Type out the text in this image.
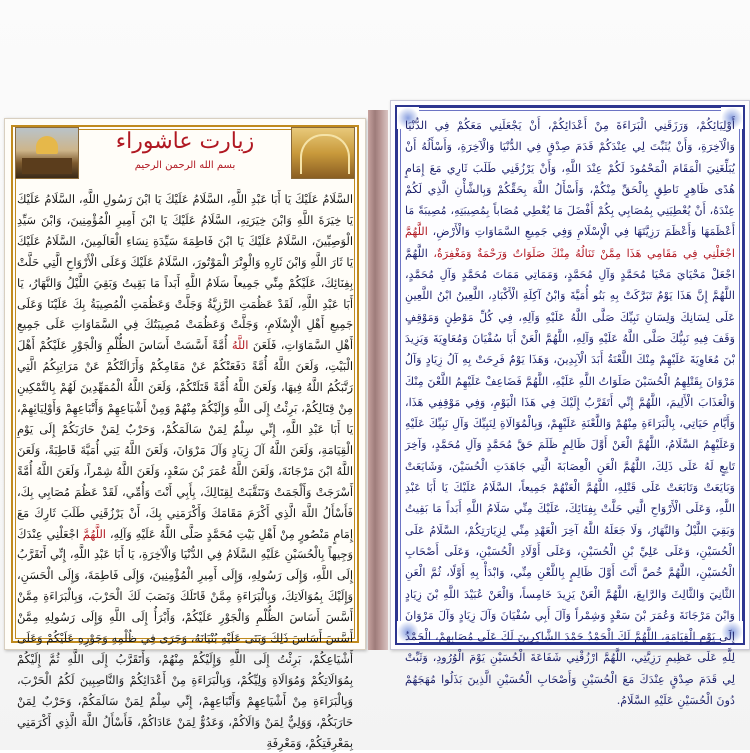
زیارت عاشوراء
بسم الله الرحمن الرحیم
السَّلَامُ عَلَيْكَ يَا أَبَا عَبْدِ اللَّهِ، السَّلَامُ عَلَيْكَ يَا ابْنَ رَسُولِ اللَّهِ، السَّلَامُ عَلَيْكَ يَا خِيَرَةَ اللَّهِ وَابْنَ خِيَرَتِهِ، السَّلَامُ عَلَيْكَ يَا ابْنَ أَمِيرِ الْمُؤْمِنِينَ، وَابْنَ سَيِّدِ الْوَصِيِّينَ، السَّلَامُ عَلَيْكَ يَا ابْنَ فَاطِمَةَ سَيِّدَةِ نِسَاءِ الْعَالَمِينَ، السَّلَامُ عَلَيْكَ يَا ثَارَ اللَّهِ وَابْنَ ثَارِهِ وَالْوِتْرَ الْمَوْتُورَ، السَّلَامُ عَلَيْكَ وَعَلَى الْأَرْوَاحِ الَّتِي حَلَّتْ بِفِنَائِكَ، عَلَيْكُمْ مِنِّي جَمِيعاً سَلَامُ اللَّهِ أَبَداً مَا بَقِيتُ وَبَقِيَ اللَّيْلُ وَالنَّهَارُ، يَا أَبَا عَبْدِ اللَّهِ، لَقَدْ عَظُمَتِ الرَّزِيَّةُ وَجَلَّتْ وَعَظُمَتِ الْمُصِيبَةُ بِكَ عَلَيْنَا وَعَلَى جَمِيعِ أَهْلِ الْإِسْلَامِ، وَجَلَّتْ وَعَظُمَتْ مُصِيبَتُكَ فِي السَّمَاوَاتِ عَلَى جَمِيعِ أَهْلِ السَّمَاوَاتِ، فَلَعَنَ اللَّهُ أُمَّةً أَسَّسَتْ أَسَاسَ الظُّلْمِ وَالْجَوْرِ عَلَيْكُمْ أَهْلَ الْبَيْتِ، وَلَعَنَ اللَّهُ أُمَّةً دَفَعَتْكُمْ عَنْ مَقَامِكُمْ وَأَزَالَتْكُمْ عَنْ مَرَاتِبِكُمُ الَّتِي رَتَّبَكُمُ اللَّهُ فِيهَا، وَلَعَنَ اللَّهُ أُمَّةً قَتَلَتْكُمْ، وَلَعَنَ اللَّهُ الْمُمَهِّدِينَ لَهُمْ بِالتَّمْكِينِ مِنْ قِتَالِكُمْ، بَرِئْتُ إِلَى اللَّهِ وَإِلَيْكُمْ مِنْهُمْ وَمِنْ أَشْيَاعِهِمْ وَأَتْبَاعِهِمْ وَأَوْلِيَائِهِمْ، يَا أَبَا عَبْدِ اللَّهِ، إِنِّي سِلْمٌ لِمَنْ سَالَمَكُمْ، وَحَرْبٌ لِمَنْ حَارَبَكُمْ إِلَى يَوْمِ الْقِيَامَةِ، وَلَعَنَ اللَّهُ آلَ زِيَادٍ وَآلَ مَرْوَانَ، وَلَعَنَ اللَّهُ بَنِي أُمَيَّةَ قَاطِبَةً، وَلَعَنَ اللَّهُ ابْنَ مَرْجَانَةَ، وَلَعَنَ اللَّهُ عُمَرَ بْنَ سَعْدٍ، وَلَعَنَ اللَّهُ شِمْراً، وَلَعَنَ اللَّهُ أُمَّةً أَسْرَجَتْ وَأَلْجَمَتْ وَتَنَقَّبَتْ لِقِتَالِكَ، بِأَبِي أَنْتَ وَأُمِّي، لَقَدْ عَظُمَ مُصَابِي بِكَ، فَأَسْأَلُ اللَّهَ الَّذِي أَكْرَمَ مَقَامَكَ وَأَكْرَمَنِي بِكَ، أَنْ يَرْزُقَنِي طَلَبَ ثَارِكَ مَعَ إِمَامٍ مَنْصُورٍ مِنْ أَهْلِ بَيْتِ مُحَمَّدٍ صَلَّى اللَّهُ عَلَيْهِ وَآلِهِ، اللَّهُمَّ اجْعَلْنِي عِنْدَكَ وَجِيهاً بِالْحُسَيْنِ عَلَيْهِ السَّلَامُ فِي الدُّنْيَا وَالْآخِرَةِ، يَا أَبَا عَبْدِ اللَّهِ، إِنِّي أَتَقَرَّبُ إِلَى اللَّهِ، وَإِلَى رَسُولِهِ، وَإِلَى أَمِيرِ الْمُؤْمِنِينَ، وَإِلَى فَاطِمَةَ، وَإِلَى الْحَسَنِ، وَإِلَيْكَ بِمُوَالَاتِكَ، وَبِالْبَرَاءَةِ مِمَّنْ قَاتَلَكَ وَنَصَبَ لَكَ الْحَرْبَ، وَبِالْبَرَاءَةِ مِمَّنْ أَسَّسَ أَسَاسَ الظُّلْمِ وَالْجَوْرِ عَلَيْكُمْ، وَأَبْرَأُ إِلَى اللَّهِ وَإِلَى رَسُولِهِ مِمَّنْ أَسَّسَ أَسَاسَ ذَلِكَ وَبَنَى عَلَيْهِ بُنْيَانَهُ، وَجَرَى فِي ظُلْمِهِ وَجَوْرِهِ عَلَيْكُمْ وَعَلَى أَشْيَاعِكُمْ، بَرِئْتُ إِلَى اللَّهِ وَإِلَيْكُمْ مِنْهُمْ، وَأَتَقَرَّبُ إِلَى اللَّهِ ثُمَّ إِلَيْكُمْ بِمُوَالَاتِكُمْ وَمُوَالَاةِ وَلِيِّكُمْ، وَبِالْبَرَاءَةِ مِنْ أَعْدَائِكُمْ وَالنَّاصِبِينَ لَكُمُ الْحَرْبَ، وَبِالْبَرَاءَةِ مِنْ أَشْيَاعِهِمْ وَأَتْبَاعِهِمْ، إِنِّي سِلْمٌ لِمَنْ سَالَمَكُمْ، وَحَرْبٌ لِمَنْ حَارَبَكُمْ، وَوَلِيٌّ لِمَنْ وَالَاكُمْ، وَعَدُوٌّ لِمَنْ عَادَاكُمْ، فَأَسْأَلُ اللَّهَ الَّذِي أَكْرَمَنِي بِمَعْرِفَتِكُمْ، وَمَعْرِفَةِ
أَوْلِيَائِكُمْ، وَرَزَقَنِي الْبَرَاءَةَ مِنْ أَعْدَائِكُمْ، أَنْ يَجْعَلَنِي مَعَكُمْ فِي الدُّنْيَا وَالْآخِرَةِ، وَأَنْ يُثَبِّتَ لِي عِنْدَكُمْ قَدَمَ صِدْقٍ فِي الدُّنْيَا وَالْآخِرَةِ، وَأَسْأَلُهُ أَنْ يُبَلِّغَنِيَ الْمَقَامَ الْمَحْمُودَ لَكُمْ عِنْدَ اللَّهِ، وَأَنْ يَرْزُقَنِي طَلَبَ ثَارِي مَعَ إِمَامٍ هُدًى ظَاهِرٍ نَاطِقٍ بِالْحَقِّ مِنْكُمْ، وَأَسْأَلُ اللَّهَ بِحَقِّكُمْ وَبِالشَّأْنِ الَّذِي لَكُمْ عِنْدَهُ، أَنْ يُعْطِيَنِي بِمُصَابِي بِكُمْ أَفْضَلَ مَا يُعْطِي مُصَاباً بِمُصِيبَتِهِ، مُصِيبَةً مَا أَعْظَمَهَا وَأَعْظَمَ رَزِيَّتَهَا فِي الْإِسْلَامِ وَفِي جَمِيعِ السَّمَاوَاتِ وَالْأَرْضِ، اللَّهُمَّ اجْعَلْنِي فِي مَقَامِي هَذَا مِمَّنْ تَنَالُهُ مِنْكَ صَلَوَاتٌ وَرَحْمَةٌ وَمَغْفِرَةٌ، اللَّهُمَّ اجْعَلْ مَحْيَايَ مَحْيَا مُحَمَّدٍ وَآلِ مُحَمَّدٍ، وَمَمَاتِي مَمَاتَ مُحَمَّدٍ وَآلِ مُحَمَّدٍ، اللَّهُمَّ إِنَّ هَذَا يَوْمٌ تَبَرَّكَتْ بِهِ بَنُو أُمَيَّةَ وَابْنُ آكِلَةِ الْأَكْبَادِ، اللَّعِينُ ابْنُ اللَّعِينِ عَلَى لِسَانِكَ وَلِسَانِ نَبِيِّكَ صَلَّى اللَّهُ عَلَيْهِ وَآلِهِ، فِي كُلِّ مَوْطِنٍ وَمَوْقِفٍ وَقَفَ فِيهِ نَبِيُّكَ صَلَّى اللَّهُ عَلَيْهِ وَآلِهِ، اللَّهُمَّ الْعَنْ أَبَا سُفْيَانَ وَمُعَاوِيَةَ وَيَزِيدَ بْنَ مُعَاوِيَةَ عَلَيْهِمْ مِنْكَ اللَّعْنَةُ أَبَدَ الْآبِدِينَ، وَهَذَا يَوْمٌ فَرِحَتْ بِهِ آلُ زِيَادٍ وَآلُ مَرْوَانَ بِقَتْلِهِمُ الْحُسَيْنَ صَلَوَاتُ اللَّهِ عَلَيْهِ، اللَّهُمَّ فَضَاعِفْ عَلَيْهِمُ اللَّعْنَ مِنْكَ وَالْعَذَابَ الْأَلِيمَ، اللَّهُمَّ إِنِّي أَتَقَرَّبُ إِلَيْكَ فِي هَذَا الْيَوْمِ، وَفِي مَوْقِفِي هَذَا، وَأَيَّامِ حَيَاتِي، بِالْبَرَاءَةِ مِنْهُمْ وَاللَّعْنَةِ عَلَيْهِمْ، وَبِالْمُوَالَاةِ لِنَبِيِّكَ وَآلِ نَبِيِّكَ عَلَيْهِ وَعَلَيْهِمُ السَّلَامُ، اللَّهُمَّ الْعَنْ أَوَّلَ ظَالِمٍ ظَلَمَ حَقَّ مُحَمَّدٍ وَآلِ مُحَمَّدٍ، وَآخِرَ تَابِعٍ لَهُ عَلَى ذَلِكَ، اللَّهُمَّ الْعَنِ الْعِصَابَةَ الَّتِي جَاهَدَتِ الْحُسَيْنَ، وَشَايَعَتْ وَبَايَعَتْ وَتَابَعَتْ عَلَى قَتْلِهِ، اللَّهُمَّ الْعَنْهُمْ جَمِيعاً، السَّلَامُ عَلَيْكَ يَا أَبَا عَبْدِ اللَّهِ، وَعَلَى الْأَرْوَاحِ الَّتِي حَلَّتْ بِفِنَائِكَ، عَلَيْكَ مِنِّي سَلَامُ اللَّهِ أَبَداً مَا بَقِيتُ وَبَقِيَ اللَّيْلُ وَالنَّهَارُ، وَلَا جَعَلَهُ اللَّهُ آخِرَ الْعَهْدِ مِنِّي لِزِيَارَتِكُمْ، السَّلَامُ عَلَى الْحُسَيْنِ، وَعَلَى عَلِيِّ بْنِ الْحُسَيْنِ، وَعَلَى أَوْلَادِ الْحُسَيْنِ، وَعَلَى أَصْحَابِ الْحُسَيْنِ، اللَّهُمَّ خُصَّ أَنْتَ أَوَّلَ ظَالِمٍ بِاللَّعْنِ مِنِّي، وَابْدَأْ بِهِ أَوَّلًا، ثُمَّ الْعَنِ الثَّانِيَ وَالثَّالِثَ وَالرَّابِعَ، اللَّهُمَّ الْعَنْ يَزِيدَ خَامِساً، وَالْعَنْ عُبَيْدَ اللَّهِ بْنَ زِيَادٍ وَابْنَ مَرْجَانَةَ وَعُمَرَ بْنَ سَعْدٍ وَشِمْراً وَآلَ أَبِي سُفْيَانَ وَآلَ زِيَادٍ وَآلَ مَرْوَانَ إِلَى يَوْمِ الْقِيَامَةِ، اللَّهُمَّ لَكَ الْحَمْدُ حَمْدَ الشَّاكِرِينَ لَكَ عَلَى مُصَابِهِمْ، الْحَمْدُ لِلَّهِ عَلَى عَظِيمِ رَزِيَّتِي، اللَّهُمَّ ارْزُقْنِي شَفَاعَةَ الْحُسَيْنِ يَوْمَ الْوُرُودِ، وَثَبِّتْ لِي قَدَمَ صِدْقٍ عِنْدَكَ مَعَ الْحُسَيْنِ وَأَصْحَابِ الْحُسَيْنِ الَّذِينَ بَذَلُوا مُهَجَهُمْ دُونَ الْحُسَيْنِ عَلَيْهِ السَّلَامُ.
